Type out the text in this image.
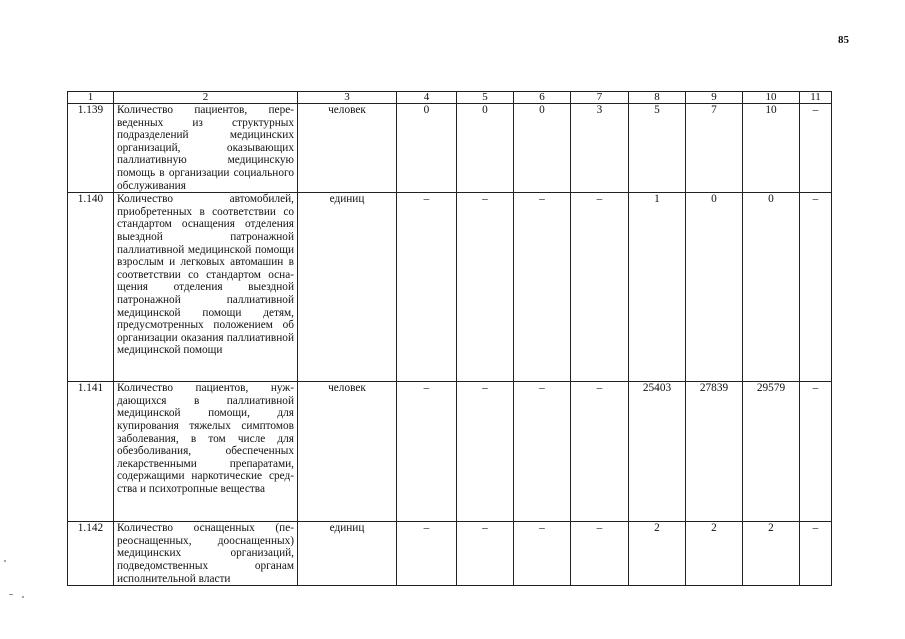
85
1	2	3	4	5	6	7	8	9	10	11
1.139	Количество пациентов, переведенных из структурных подразделений медицинских организаций, оказывающих паллиативную медицинскую помощь в организации социального обслуживания	человек	0	0	0	3	5	7	10	–
1.140	Количество автомобилей, приобретенных в соответствии со стандартом оснащения отделения выездной патронажной паллиативной медицинской помощи взрослым и легковых автомашин в соответствии со стандартом оснащения отделения выездной патронажной паллиативной медицинской помощи детям, предусмотренных положением об организации оказания паллиативной медицинской помощи	единиц	–	–	–	–	1	0	0	–
1.141	Количество пациентов, нуждающихся в паллиативной медицинской помощи, для купирования тяжелых симптомов заболевания, в том числе для обезболивания, обеспеченных лекарственными препаратами, содержащими наркотические средства и психотропные вещества	человек	–	–	–	–	25403	27839	29579	–
1.142	Количество оснащенных (переоснащенных, дооснащенных) медицинских организаций, подведомственных органам исполнительной власти	единиц	–	–	–	–	2	2	2	–
